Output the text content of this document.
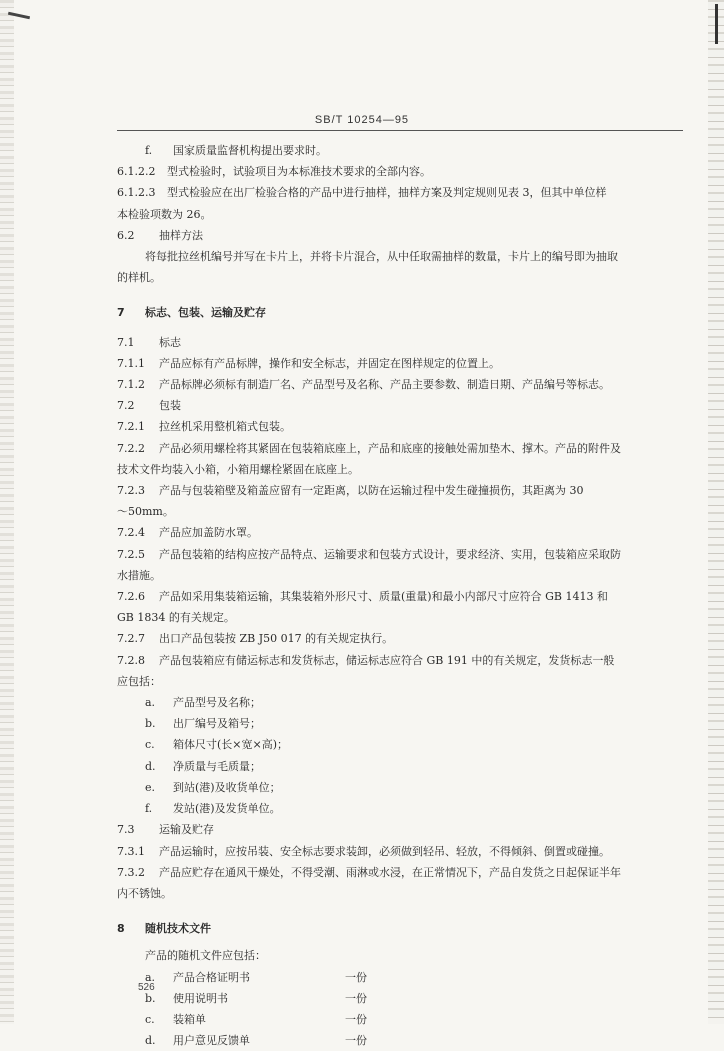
SB/T 10254—95
f. 国家质量监督机构提出要求时。
6.1.2.2 型式检验时，试验项目为本标准技术要求的全部内容。
6.1.2.3 型式检验应在出厂检验合格的产品中进行抽样，抽样方案及判定规则见表 3，但其中单位样
本检验项数为 26。
6.2 抽样方法
将每批拉丝机编号并写在卡片上，并将卡片混合，从中任取需抽样的数量，卡片上的编号即为抽取
的样机。
7 标志、包装、运输及贮存
7.1 标志
7.1.1 产品应标有产品标牌，操作和安全标志，并固定在图样规定的位置上。
7.1.2 产品标牌必须标有制造厂名、产品型号及名称、产品主要参数、制造日期、产品编号等标志。
7.2 包装
7.2.1 拉丝机采用整机箱式包装。
7.2.2 产品必须用螺栓将其紧固在包装箱底座上，产品和底座的接触处需加垫木、撑木。产品的附件及
技术文件均装入小箱，小箱用螺栓紧固在底座上。
7.2.3 产品与包装箱壁及箱盖应留有一定距离，以防在运输过程中发生碰撞损伤，其距离为 30
～50mm。
7.2.4 产品应加盖防水罩。
7.2.5 产品包装箱的结构应按产品特点、运输要求和包装方式设计，要求经济、实用，包装箱应采取防
水措施。
7.2.6 产品如采用集装箱运输，其集装箱外形尺寸、质量(重量)和最小内部尺寸应符合 GB 1413 和
GB 1834 的有关规定。
7.2.7 出口产品包装按 ZB J50 017 的有关规定执行。
7.2.8 产品包装箱应有储运标志和发货标志，储运标志应符合 GB 191 中的有关规定，发货标志一般
应包括：
a. 产品型号及名称；
b. 出厂编号及箱号；
c. 箱体尺寸(长×宽×高)；
d. 净质量与毛质量；
e. 到站(港)及收货单位；
f. 发站(港)及发货单位。
7.3 运输及贮存
7.3.1 产品运输时，应按吊装、安全标志要求装卸，必须做到轻吊、轻放，不得倾斜、倒置或碰撞。
7.3.2 产品应贮存在通风干燥处，不得受潮、雨淋或水浸，在正常情况下，产品自发货之日起保证半年
内不锈蚀。
8 随机技术文件
产品的随机文件应包括：
a. 产品合格证明书	一份
b. 使用说明书	一份
c. 装箱单	一份
d. 用户意见反馈单	一份
526
